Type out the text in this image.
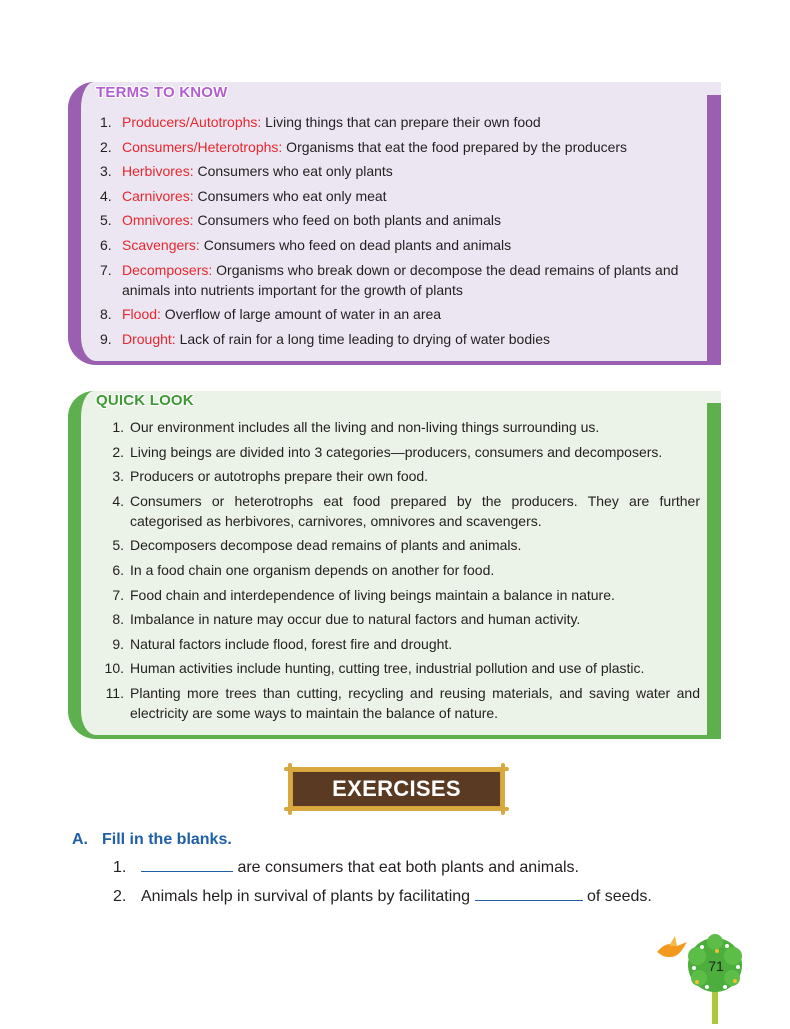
TERMS TO KNOW
1. Producers/Autotrophs: Living things that can prepare their own food
2. Consumers/Heterotrophs: Organisms that eat the food prepared by the producers
3. Herbivores: Consumers who eat only plants
4. Carnivores: Consumers who eat only meat
5. Omnivores: Consumers who feed on both plants and animals
6. Scavengers: Consumers who feed on dead plants and animals
7. Decomposers: Organisms who break down or decompose the dead remains of plants and animals into nutrients important for the growth of plants
8. Flood: Overflow of large amount of water in an area
9. Drought: Lack of rain for a long time leading to drying of water bodies
QUICK LOOK
1. Our environment includes all the living and non-living things surrounding us.
2. Living beings are divided into 3 categories—producers, consumers and decomposers.
3. Producers or autotrophs prepare their own food.
4. Consumers or heterotrophs eat food prepared by the producers. They are further categorised as herbivores, carnivores, omnivores and scavengers.
5. Decomposers decompose dead remains of plants and animals.
6. In a food chain one organism depends on another for food.
7. Food chain and interdependence of living beings maintain a balance in nature.
8. Imbalance in nature may occur due to natural factors and human activity.
9. Natural factors include flood, forest fire and drought.
10. Human activities include hunting, cutting tree, industrial pollution and use of plastic.
11. Planting more trees than cutting, recycling and reusing materials, and saving water and electricity are some ways to maintain the balance of nature.
EXERCISES
A. Fill in the blanks.
1.	are consumers that eat both plants and animals.
2. Animals help in survival of plants by facilitating	of seeds.
71
